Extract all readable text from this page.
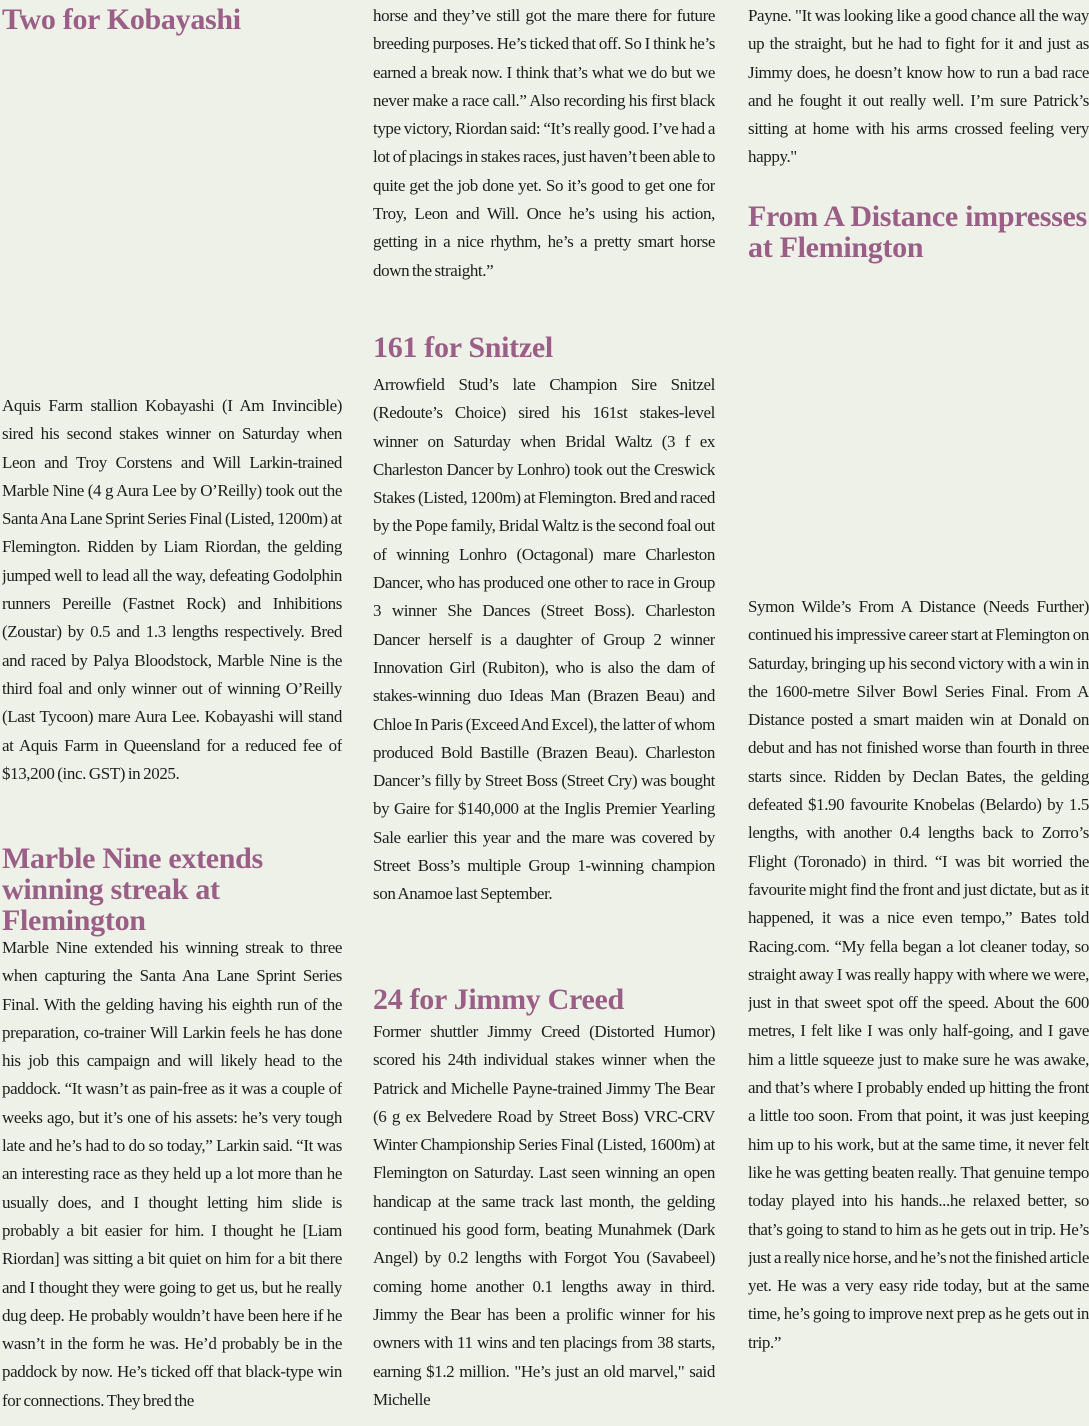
Two for Kobayashi

Aquis Farm stallion Kobayashi (I Am Invincible) sired his second stakes winner on Saturday when Leon and Troy Corstens and Will Larkin-trained Marble Nine (4 g Aura Lee by O’Reilly) took out the Santa Ana Lane Sprint Series Final (Listed, 1200m) at Flemington. Ridden by Liam Riordan, the gelding jumped well to lead all the way, defeating Godolphin runners Pereille (Fastnet Rock) and Inhibitions (Zoustar) by 0.5 and 1.3 lengths respectively. Bred and raced by Palya Bloodstock, Marble Nine is the third foal and only winner out of winning O’Reilly (Last Tycoon) mare Aura Lee. Kobayashi will stand at Aquis Farm in Queensland for a reduced fee of $13,200 (inc. GST) in 2025.

Marble Nine extends winning streak at Flemington

Marble Nine extended his winning streak to three when capturing the Santa Ana Lane Sprint Series Final. With the gelding having his eighth run of the preparation, co-trainer Will Larkin feels he has done his job this campaign and will likely head to the paddock. “It wasn’t as pain-free as it was a couple of weeks ago, but it’s one of his assets: he’s very tough late and he’s had to do so today,” Larkin said. “It was an interesting race as they held up a lot more than he usually does, and I thought letting him slide is probably a bit easier for him. I thought he [Liam Riordan] was sitting a bit quiet on him for a bit there and I thought they were going to get us, but he really dug deep. He probably wouldn’t have been here if he wasn’t in the form he was. He’d probably be in the paddock by now. He’s ticked off that black-type win for connections. They bred the

horse and they’ve still got the mare there for future breeding purposes. He’s ticked that off. So I think he’s earned a break now. I think that’s what we do but we never make a race call.” Also recording his first black type victory, Riordan said: “It’s really good. I’ve had a lot of placings in stakes races, just haven’t been able to quite get the job done yet. So it’s good to get one for Troy, Leon and Will. Once he’s using his action, getting in a nice rhythm, he’s a pretty smart horse down the straight.”

161 for Snitzel

Arrowfield Stud’s late Champion Sire Snitzel (Redoute’s Choice) sired his 161st stakes-level winner on Saturday when Bridal Waltz (3 f ex Charleston Dancer by Lonhro) took out the Creswick Stakes (Listed, 1200m) at Flemington. Bred and raced by the Pope family, Bridal Waltz is the second foal out of winning Lonhro (Octagonal) mare Charleston Dancer, who has produced one other to race in Group 3 winner She Dances (Street Boss). Charleston Dancer herself is a daughter of Group 2 winner Innovation Girl (Rubiton), who is also the dam of stakes-winning duo Ideas Man (Brazen Beau) and Chloe In Paris (Exceed And Excel), the latter of whom produced Bold Bastille (Brazen Beau). Charleston Dancer’s filly by Street Boss (Street Cry) was bought by Gaire for $140,000 at the Inglis Premier Yearling Sale earlier this year and the mare was covered by Street Boss’s multiple Group 1-winning champion son Anamoe last September.

24 for Jimmy Creed

Former shuttler Jimmy Creed (Distorted Humor) scored his 24th individual stakes winner when the Patrick and Michelle Payne-trained Jimmy The Bear (6 g ex Belvedere Road by Street Boss) VRC-CRV Winter Championship Series Final (Listed, 1600m) at Flemington on Saturday. Last seen winning an open handicap at the same track last month, the gelding continued his good form, beating Munahmek (Dark Angel) by 0.2 lengths with Forgot You (Savabeel) coming home another 0.1 lengths away in third. Jimmy the Bear has been a prolific winner for his owners with 11 wins and ten placings from 38 starts, earning $1.2 million. "He’s just an old marvel," said Michelle

Payne. "It was looking like a good chance all the way up the straight, but he had to fight for it and just as Jimmy does, he doesn’t know how to run a bad race and he fought it out really well. I’m sure Patrick’s sitting at home with his arms crossed feeling very happy."

From A Distance impresses at Flemington

Symon Wilde’s From A Distance (Needs Further) continued his impressive career start at Flemington on Saturday, bringing up his second victory with a win in the 1600-metre Silver Bowl Series Final. From A Distance posted a smart maiden win at Donald on debut and has not finished worse than fourth in three starts since. Ridden by Declan Bates, the gelding defeated $1.90 favourite Knobelas (Belardo) by 1.5 lengths, with another 0.4 lengths back to Zorro’s Flight (Toronado) in third. “I was bit worried the favourite might find the front and just dictate, but as it happened, it was a nice even tempo,” Bates told Racing.com. “My fella began a lot cleaner today, so straight away I was really happy with where we were, just in that sweet spot off the speed. About the 600 metres, I felt like I was only half-going, and I gave him a little squeeze just to make sure he was awake, and that’s where I probably ended up hitting the front a little too soon. From that point, it was just keeping him up to his work, but at the same time, it never felt like he was getting beaten really. That genuine tempo today played into his hands...he relaxed better, so that’s going to stand to him as he gets out in trip. He’s just a really nice horse, and he’s not the finished article yet. He was a very easy ride today, but at the same time, he’s going to improve next prep as he gets out in trip.”
